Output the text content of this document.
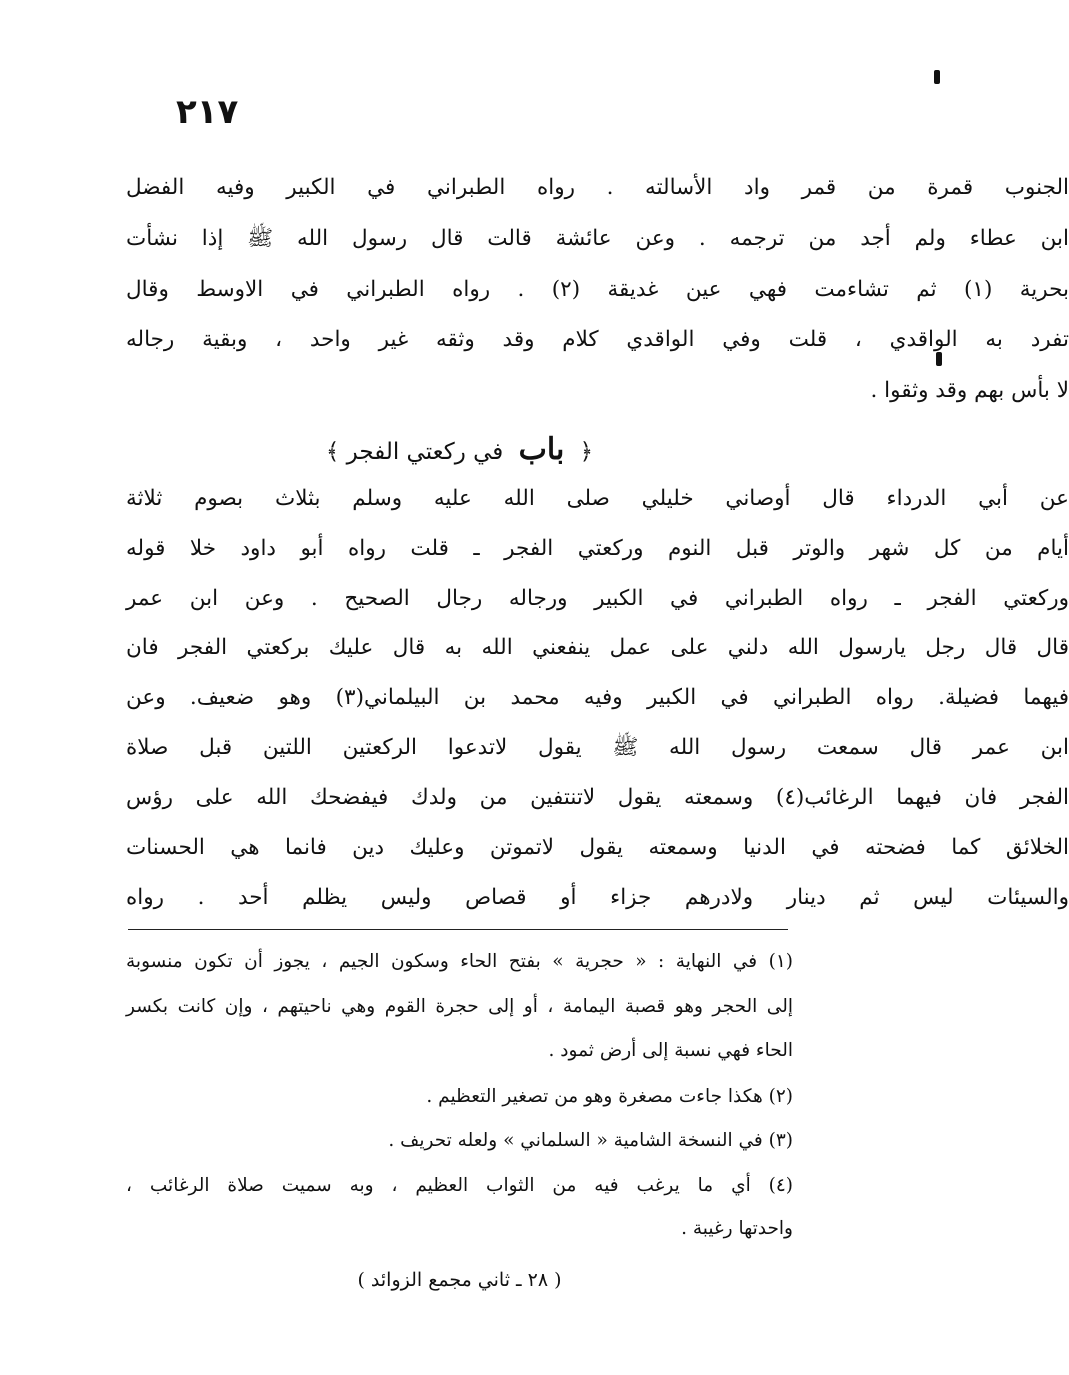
٢١٧
الجنوب قمرة من قمر واد الأسالته . رواه الطبراني في الكبير وفيه الفضل
ابن عطاء ولم أجد من ترجمه . وعن عائشة قالت قال رسول الله ﷺ إذا نشأت
بحرية (١) ثم تشاءمت فهي عين غديقة (٢) . رواه الطبراني في الاوسط وقال
تفرد به الواقدي ، قلت وفي الواقدي كلام وقد وثقه غير واحد ، وبقية رجاله
لا بأس بهم وقد وثقوا .
﴿ باب في ركعتي الفجر ﴾
عن أبي الدرداء قال أوصاني خليلي صلى الله عليه وسلم بثلاث بصوم ثلاثة
أيام من كل شهر والوتر قبل النوم وركعتي الفجر ـ قلت رواه أبو داود خلا قوله
وركعتي الفجر ـ رواه الطبراني في الكبير ورجاله رجال الصحيح . وعن ابن عمر
قال قال رجل يارسول الله دلني على عمل ينفعني الله به قال عليك بركعتي الفجر فان
فيهما فضيلة. رواه الطبراني في الكبير وفيه محمد بن البيلماني(٣) وهو ضعيف. وعن
ابن عمر قال سمعت رسول الله ﷺ يقول لاتدعوا الركعتين اللتين قبل صلاة
الفجر فان فيهما الرغائب(٤) وسمعته يقول لاتنتفين من ولدك فيفضحك الله على رؤس
الخلائق كما فضحته في الدنيا وسمعته يقول لاتموتن وعليك دين فانما هي الحسنات
والسيئات ليس ثم دينار ولادرهم جزاء أو قصاص وليس يظلم أحد . رواه
(١) في النهاية : « حجرية » بفتح الحاء وسكون الجيم ، يجوز أن تكون منسوبة
إلى الحجر وهو قصبة اليمامة ، أو إلى حجرة القوم وهي ناحيتهم ، وإن كانت بكسر
الحاء فهي نسبة إلى أرض ثمود .
(٢) هكذا جاءت مصغرة وهو من تصغير التعظيم .
(٣) في النسخة الشامية « السلماني » ولعله تحريف .
(٤) أي ما يرغب فيه من الثواب العظيم ، وبه سميت صلاة الرغائب ،
واحدتها رغيبة .
( ٢٨ ـ ثاني مجمع الزوائد )
